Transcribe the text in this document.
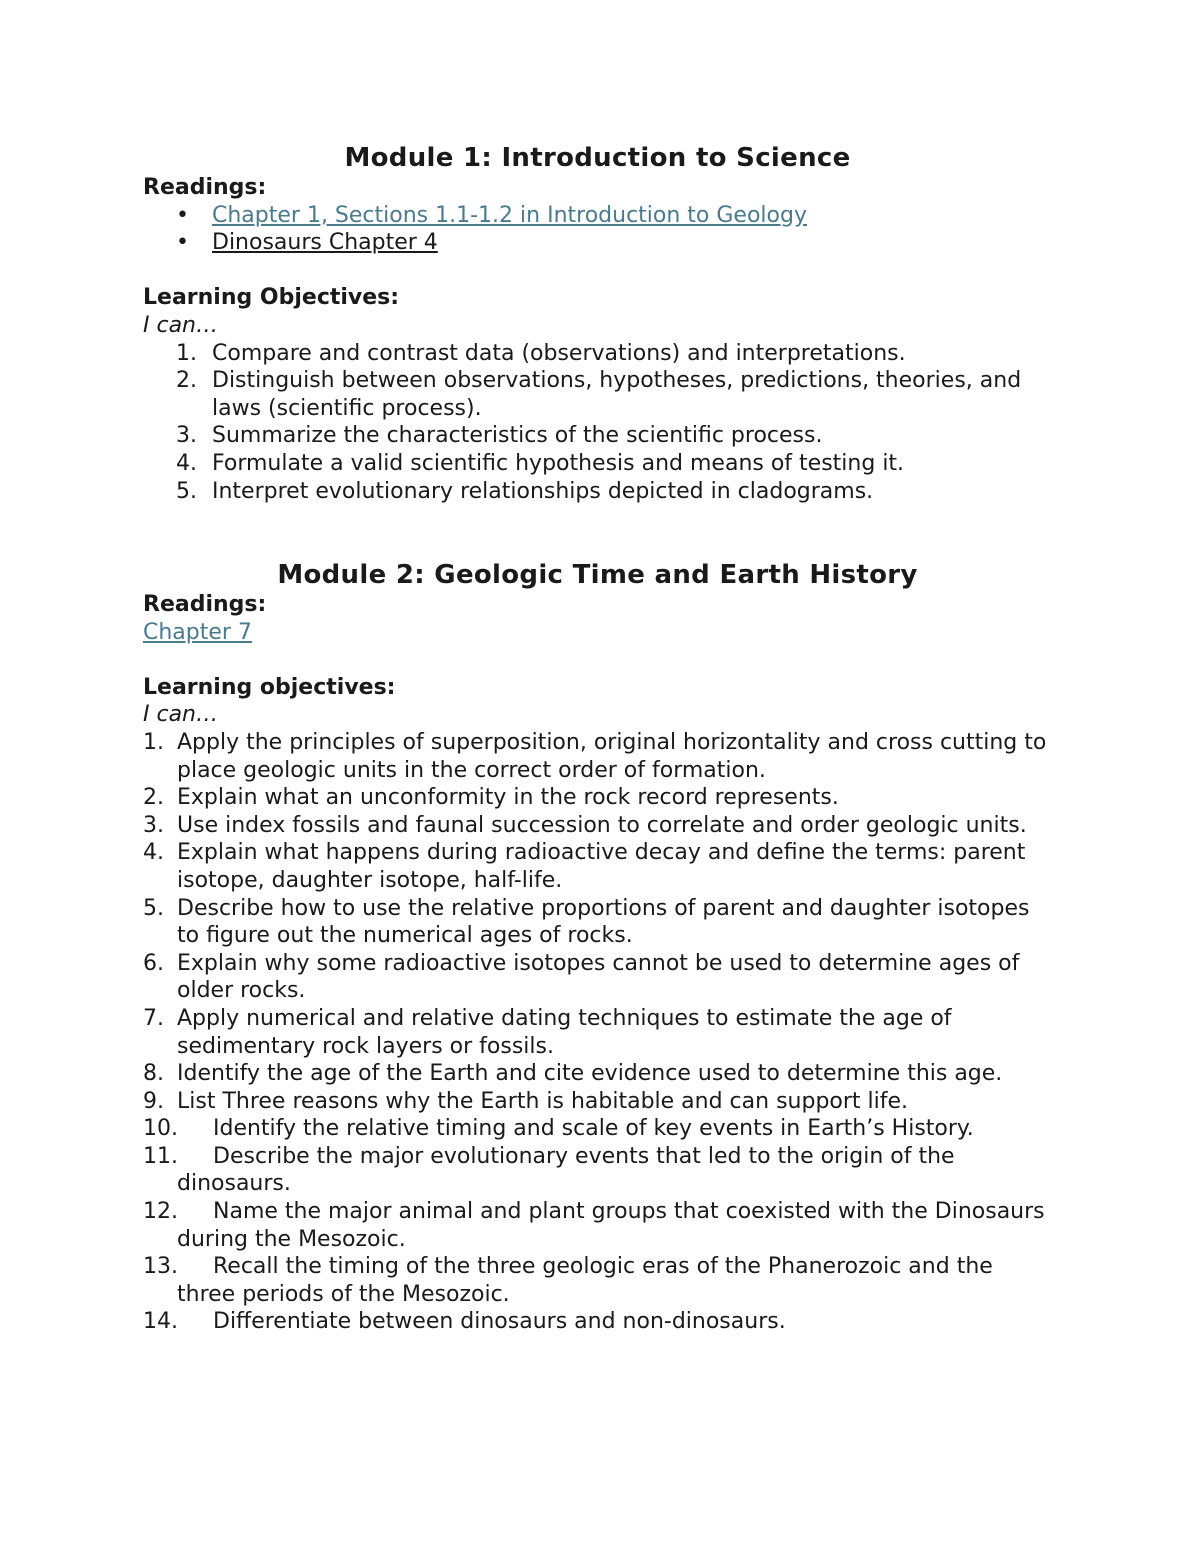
Module 1: Introduction to Science

Readings:

• Chapter 1, Sections 1.1-1.2 in Introduction to Geology
• Dinosaurs Chapter 4

Learning Objectives:

I can…

1. Compare and contrast data (observations) and interpretations.
2. Distinguish between observations, hypotheses, predictions, theories, and laws (scientific process).
3. Summarize the characteristics of the scientific process.
4. Formulate a valid scientific hypothesis and means of testing it.
5. Interpret evolutionary relationships depicted in cladograms.
Module 2: Geologic Time and Earth History

Readings:

Chapter 7

Learning objectives:

I can…

1. Apply the principles of superposition, original horizontality and cross cutting to place geologic units in the correct order of formation.
2. Explain what an unconformity in the rock record represents.
3. Use index fossils and faunal succession to correlate and order geologic units.
4. Explain what happens during radioactive decay and define the terms: parent isotope, daughter isotope, half-life.
5. Describe how to use the relative proportions of parent and daughter isotopes to figure out the numerical ages of rocks.
6. Explain why some radioactive isotopes cannot be used to determine ages of older rocks.
7. Apply numerical and relative dating techniques to estimate the age of sedimentary rock layers or fossils.
8. Identify the age of the Earth and cite evidence used to determine this age.
9. List Three reasons why the Earth is habitable and can support life.
10. Identify the relative timing and scale of key events in Earth’s History.
11. Describe the major evolutionary events that led to the origin of the dinosaurs.
12. Name the major animal and plant groups that coexisted with the Dinosaurs during the Mesozoic.
13. Recall the timing of the three geologic eras of the Phanerozoic and the three periods of the Mesozoic.
14. Differentiate between dinosaurs and non-dinosaurs.
